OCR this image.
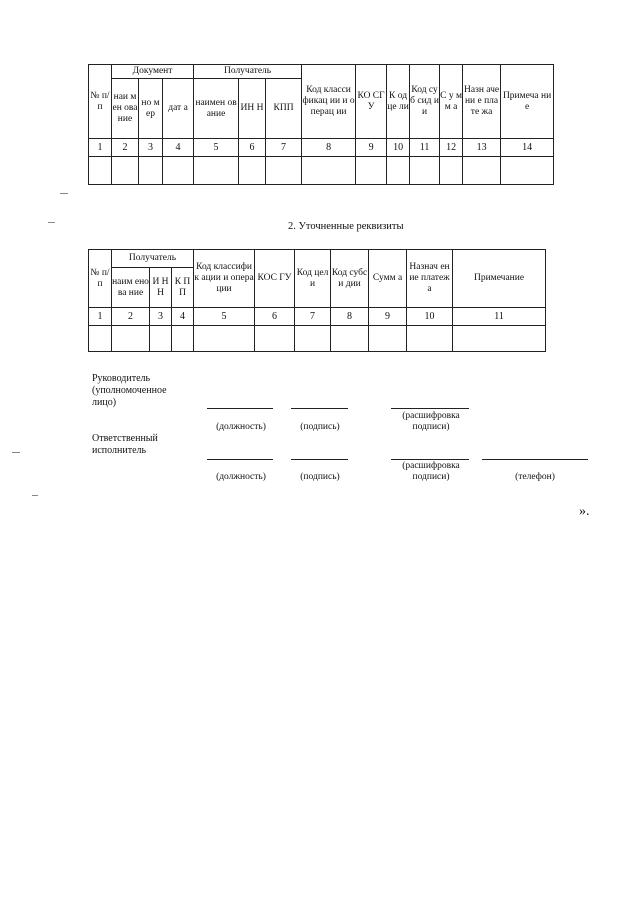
№ п/ п	Документ			Получатель			Код класси фикац ии и операц ии	КО СГ У	К од це ли	Код суб сид ии	С у м м а	Назн ачени е плате жа	Примеча ние
	наи мен ова ние	но м ер	дат а	наимен ование	ИН Н	КПП							
1	2	3	4	5	6	7	8	9	10	11	12	13	14

2. Уточненные реквизиты
№ п/ п	Получатель			Код классифик ации и операции	КОС ГУ	Код цели	Код субси дии	Сумм а	Назнач ение платеж а	Примечание
	наим енова ние	И Н Н	К П П							
1	2	3	4	5	6	7	8	9	10	11

Руководитель (уполномоченное лицо)
(должность)	(подпись)
(расшифровка подписи)
Ответственный исполнитель
(должность)	(подпись)
(расшифровка подписи)	(телефон)
».
